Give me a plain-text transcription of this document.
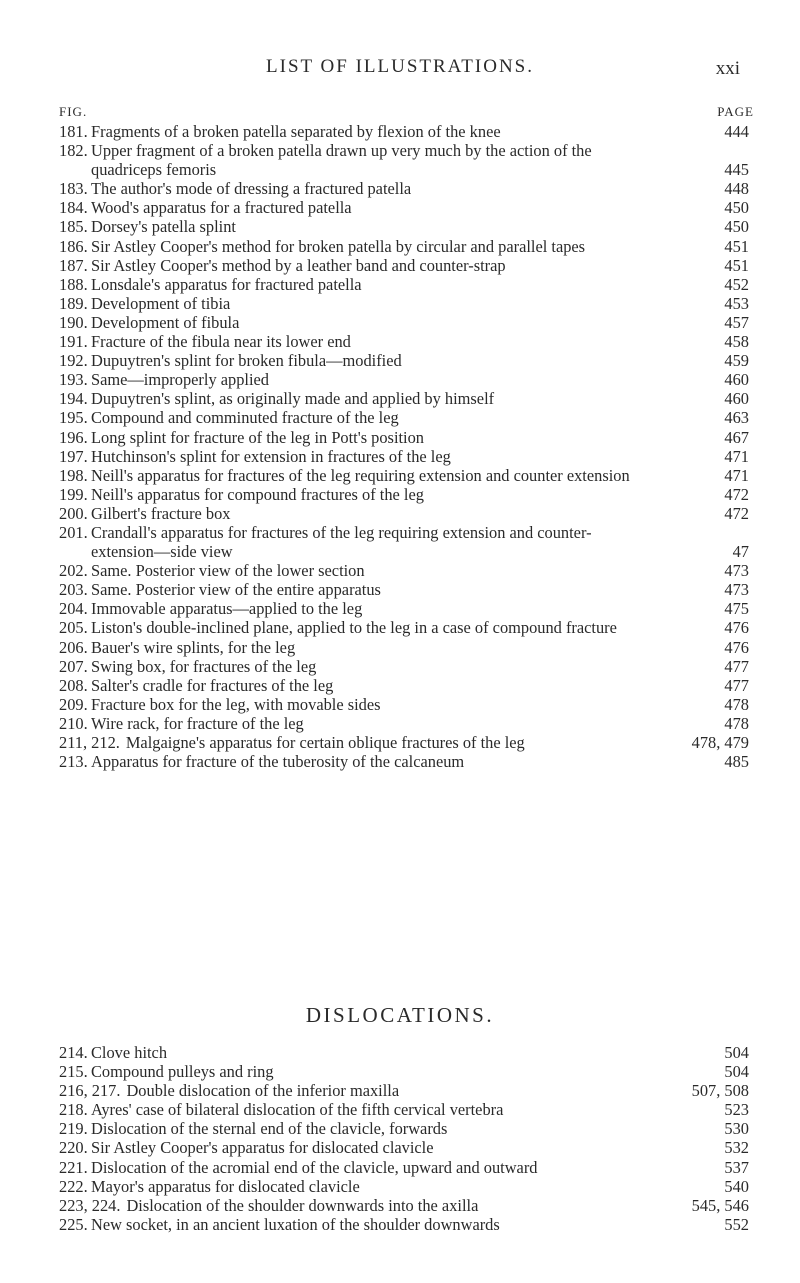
LIST OF ILLUSTRATIONS.	xxi
FIG.	PAGE
181. Fragments of a broken patella separated by flexion of the knee	444
182. Upper fragment of a broken patella drawn up very much by the action of the quadriceps femoris	445
183. The author's mode of dressing a fractured patella	448
184. Wood's apparatus for a fractured patella	450
185. Dorsey's patella splint	450
186. Sir Astley Cooper's method for broken patella by circular and parallel tapes	451
187. Sir Astley Cooper's method by a leather band and counter-strap	451
188. Lonsdale's apparatus for fractured patella	452
189. Development of tibia	453
190. Development of fibula	457
191. Fracture of the fibula near its lower end	458
192. Dupuytren's splint for broken fibula—modified	459
193. Same—improperly applied	460
194. Dupuytren's splint, as originally made and applied by himself	460
195. Compound and comminuted fracture of the leg	463
196. Long splint for fracture of the leg in Pott's position	467
197. Hutchinson's splint for extension in fractures of the leg	471
198. Neill's apparatus for fractures of the leg requiring extension and counter extension	471
199. Neill's apparatus for compound fractures of the leg	472
200. Gilbert's fracture box	472
201. Crandall's apparatus for fractures of the leg requiring extension and counter-extension—side view	47
202. Same. Posterior view of the lower section	473
203. Same. Posterior view of the entire apparatus	473
204. Immovable apparatus—applied to the leg	475
205. Liston's double-inclined plane, applied to the leg in a case of compound fracture	476
206. Bauer's wire splints, for the leg	476
207. Swing box, for fractures of the leg	477
208. Salter's cradle for fractures of the leg	477
209. Fracture box for the leg, with movable sides	478
210. Wire rack, for fracture of the leg	478
211, 212. Malgaigne's apparatus for certain oblique fractures of the leg	478, 479
213. Apparatus for fracture of the tuberosity of the calcaneum	485
DISLOCATIONS.
214. Clove hitch	504
215. Compound pulleys and ring	504
216, 217. Double dislocation of the inferior maxilla	507, 508
218. Ayres' case of bilateral dislocation of the fifth cervical vertebra	523
219. Dislocation of the sternal end of the clavicle, forwards	530
220. Sir Astley Cooper's apparatus for dislocated clavicle	532
221. Dislocation of the acromial end of the clavicle, upward and outward	537
222. Mayor's apparatus for dislocated clavicle	540
223, 224. Dislocation of the shoulder downwards into the axilla	545, 546
225. New socket, in an ancient luxation of the shoulder downwards	552
